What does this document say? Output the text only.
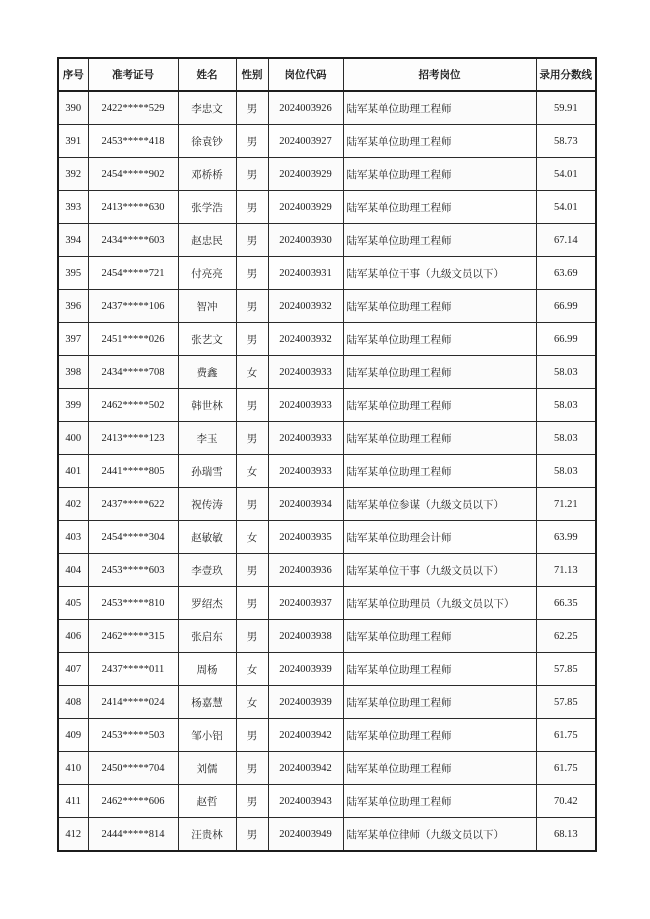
序号	准考证号	姓名	性别	岗位代码	招考岗位	录用分数线
390	2422*****529	李忠文	男	2024003926	陆军某单位助理工程师	59.91
391	2453*****418	徐袁钞	男	2024003927	陆军某单位助理工程师	58.73
392	2454*****902	邓桥桥	男	2024003929	陆军某单位助理工程师	54.01
393	2413*****630	张学浩	男	2024003929	陆军某单位助理工程师	54.01
394	2434*****603	赵忠民	男	2024003930	陆军某单位助理工程师	67.14
395	2454*****721	付亮亮	男	2024003931	陆军某单位干事（九级文员以下）	63.69
396	2437*****106	智冲	男	2024003932	陆军某单位助理工程师	66.99
397	2451*****026	张艺文	男	2024003932	陆军某单位助理工程师	66.99
398	2434*****708	费鑫	女	2024003933	陆军某单位助理工程师	58.03
399	2462*****502	韩世林	男	2024003933	陆军某单位助理工程师	58.03
400	2413*****123	李玉	男	2024003933	陆军某单位助理工程师	58.03
401	2441*****805	孙瑞雪	女	2024003933	陆军某单位助理工程师	58.03
402	2437*****622	祝传涛	男	2024003934	陆军某单位参谋（九级文员以下）	71.21
403	2454*****304	赵敏敏	女	2024003935	陆军某单位助理会计师	63.99
404	2453*****603	李壹玖	男	2024003936	陆军某单位干事（九级文员以下）	71.13
405	2453*****810	罗绍杰	男	2024003937	陆军某单位助理员（九级文员以下）	66.35
406	2462*****315	张启东	男	2024003938	陆军某单位助理工程师	62.25
407	2437*****011	周杨	女	2024003939	陆军某单位助理工程师	57.85
408	2414*****024	杨嘉慧	女	2024003939	陆军某单位助理工程师	57.85
409	2453*****503	邹小铝	男	2024003942	陆军某单位助理工程师	61.75
410	2450*****704	刘儒	男	2024003942	陆军某单位助理工程师	61.75
411	2462*****606	赵哲	男	2024003943	陆军某单位助理工程师	70.42
412	2444*****814	汪贵林	男	2024003949	陆军某单位律师（九级文员以下）	68.13
